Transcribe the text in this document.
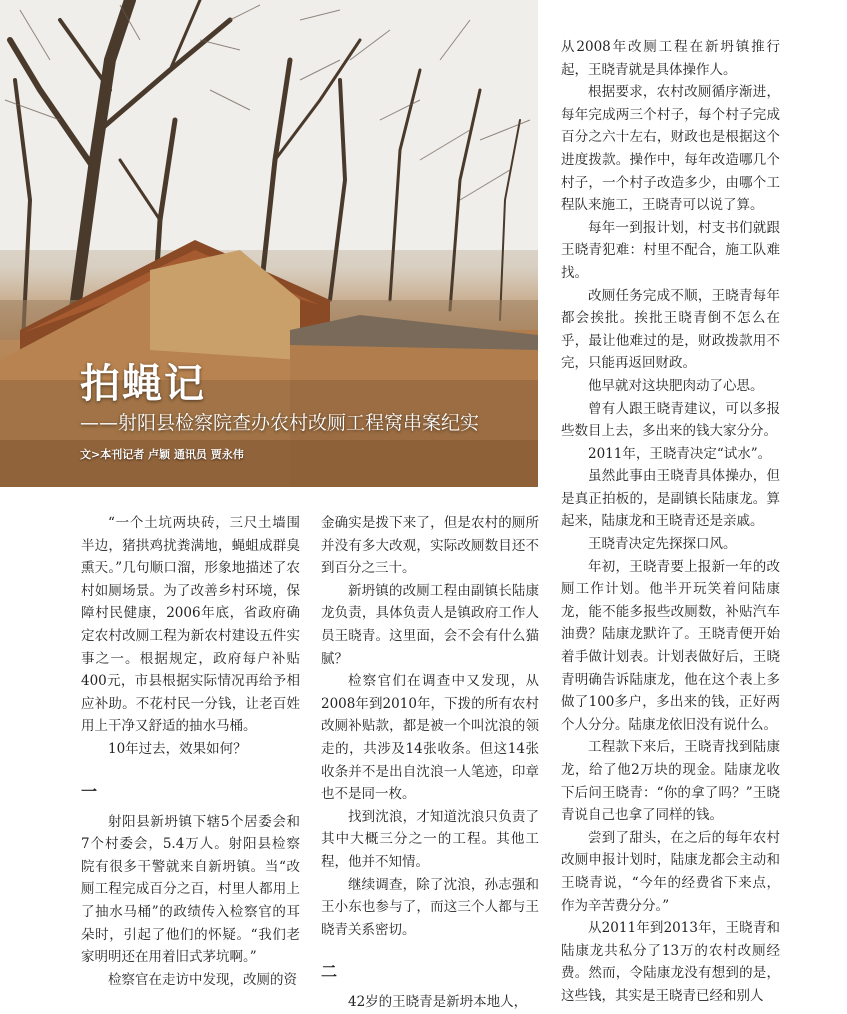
拍蝇记

——射阳县检察院查办农村改厕工程窝串案纪实

文>本刊记者 卢颖 通讯员 贾永伟

“一个土坑两块砖，三尺土墙围半边，猪拱鸡扰粪满地，蝇蛆成群臭熏天。”几句顺口溜，形象地描述了农村如厕场景。为了改善乡村环境，保障村民健康，2006年底，省政府确定农村改厕工程为新农村建设五件实事之一。根据规定，政府每户补贴400元，市县根据实际情况再给予相应补助。不花村民一分钱，让老百姓用上干净又舒适的抽水马桶。

10年过去，效果如何？

一

射阳县新坍镇下辖5个居委会和7个村委会，5.4万人。射阳县检察院有很多干警就来自新坍镇。当“改厕工程完成百分之百，村里人都用上了抽水马桶”的政绩传入检察官的耳朵时，引起了他们的怀疑。“我们老家明明还在用着旧式茅坑啊。”

检察官在走访中发现，改厕的资

金确实是拨下来了，但是农村的厕所并没有多大改观，实际改厕数目还不到百分之三十。

新坍镇的改厕工程由副镇长陆康龙负责，具体负责人是镇政府工作人员王晓青。这里面，会不会有什么猫腻？

检察官们在调查中又发现，从2008年到2010年，下拨的所有农村改厕补贴款，都是被一个叫沈浪的领走的，共涉及14张收条。但这14张收条并不是出自沈浪一人笔迹，印章也不是同一枚。

找到沈浪，才知道沈浪只负责了其中大概三分之一的工程。其他工程，他并不知情。

继续调查，除了沈浪，孙志强和王小东也参与了，而这三个人都与王晓青关系密切。

二

42岁的王晓青是新坍本地人，

从2008年改厕工程在新坍镇推行起，王晓青就是具体操作人。

根据要求，农村改厕循序渐进，每年完成两三个村子，每个村子完成百分之六十左右，财政也是根据这个进度拨款。操作中，每年改造哪几个村子，一个村子改造多少，由哪个工程队来施工，王晓青可以说了算。

每年一到报计划，村支书们就跟王晓青犯难：村里不配合，施工队难找。

改厕任务完成不顺，王晓青每年都会挨批。挨批王晓青倒不怎么在乎，最让他难过的是，财政拨款用不完，只能再返回财政。

他早就对这块肥肉动了心思。

曾有人跟王晓青建议，可以多报些数目上去，多出来的钱大家分分。

2011年，王晓青决定“试水”。

虽然此事由王晓青具体操办，但是真正拍板的，是副镇长陆康龙。算起来，陆康龙和王晓青还是亲戚。

王晓青决定先探探口风。

年初，王晓青要上报新一年的改厕工作计划。他半开玩笑着问陆康龙，能不能多报些改厕数，补贴汽车油费？陆康龙默许了。王晓青便开始着手做计划表。计划表做好后，王晓青明确告诉陆康龙，他在这个表上多做了100多户，多出来的钱，正好两个人分分。陆康龙依旧没有说什么。

工程款下来后，王晓青找到陆康龙，给了他2万块的现金。陆康龙收下后问王晓青：“你的拿了吗？”王晓青说自己也拿了同样的钱。

尝到了甜头，在之后的每年农村改厕申报计划时，陆康龙都会主动和王晓青说，“今年的经费省下来点，作为辛苦费分分。”

从2011年到2013年，王晓青和陆康龙共私分了13万的农村改厕经费。然而，令陆康龙没有想到的是，这些钱，其实是王晓青已经和别人
